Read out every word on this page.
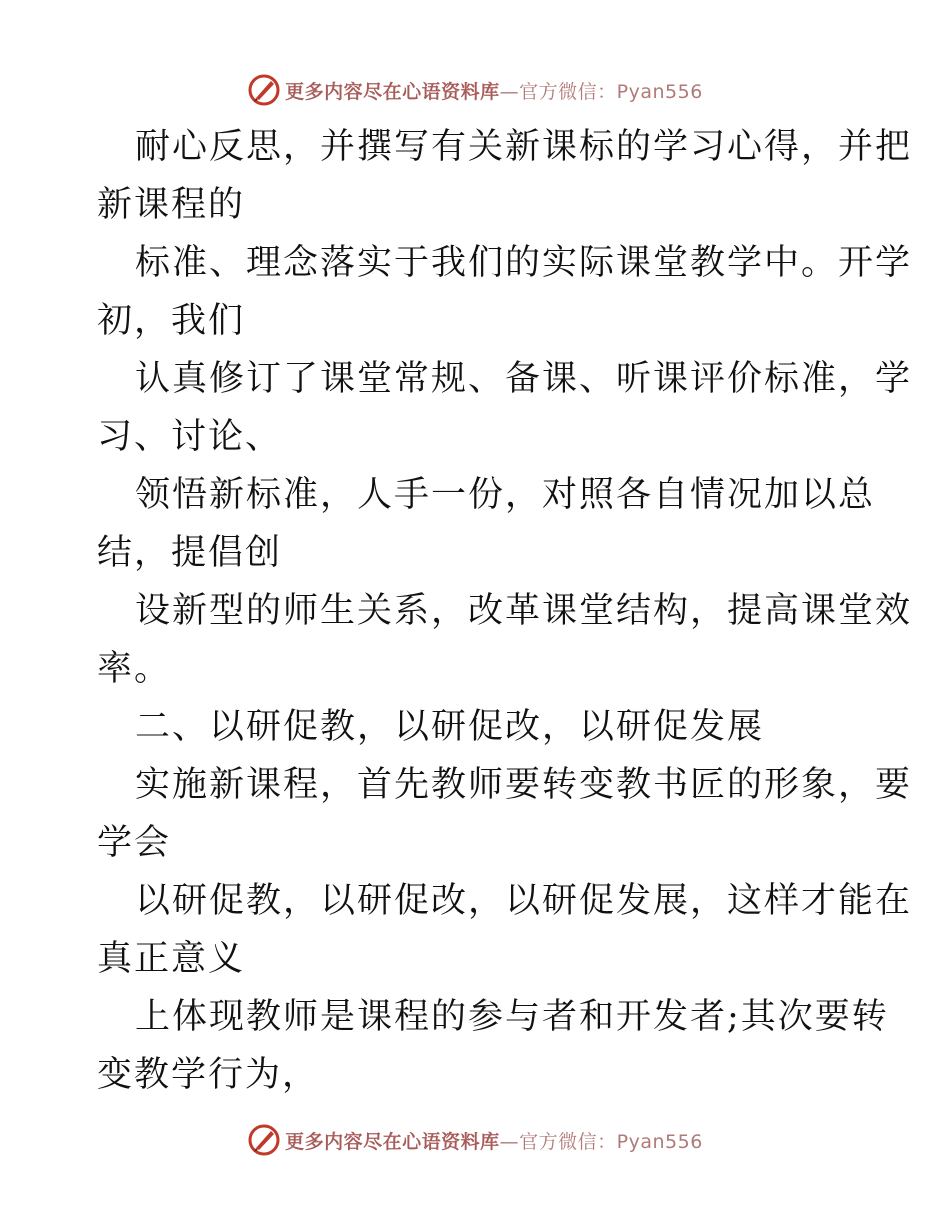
更多内容尽在心语资料库—官方微信：Pyan556

耐心反思，并撰写有关新课标的学习心得，并把

新课程的

标准、理念落实于我们的实际课堂教学中。开学

初，我们

认真修订了课堂常规、备课、听课评价标准，学

习、讨论、

领悟新标准，人手一份，对照各自情况加以总

结，提倡创

设新型的师生关系，改革课堂结构，提高课堂效

率。

二、以研促教，以研促改，以研促发展

实施新课程，首先教师要转变教书匠的形象，要

学会

以研促教，以研促改，以研促发展，这样才能在

真正意义

上体现教师是课程的参与者和开发者;其次要转

变教学行为，

更多内容尽在心语资料库—官方微信：Pyan556
